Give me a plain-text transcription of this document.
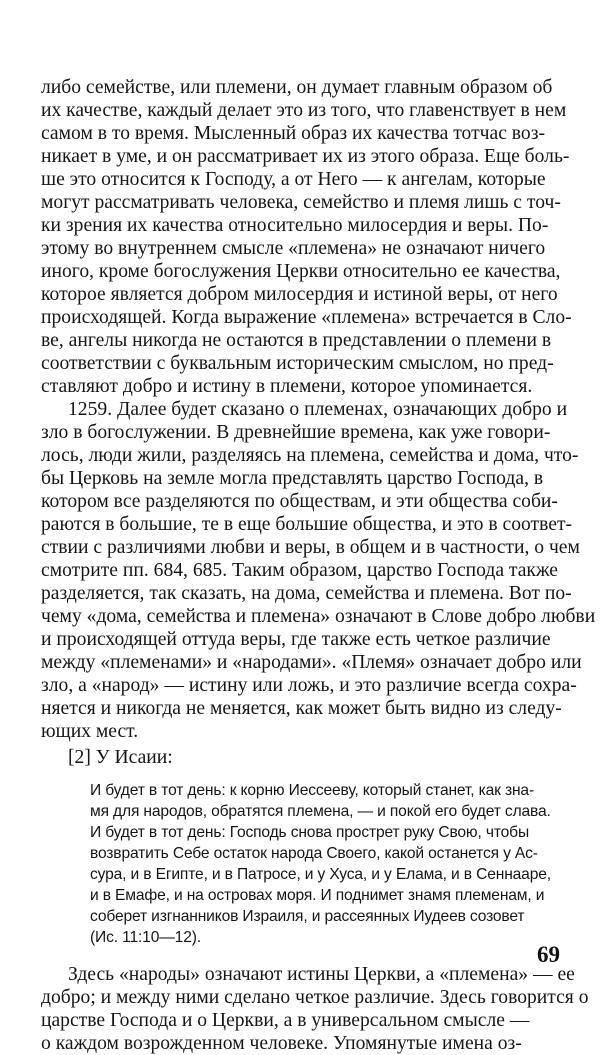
либо семействе, или племени, он думает главным образом об
их качестве, каждый делает это из того, что главенствует в нем
самом в то время. Мысленный образ их качества тотчас воз-
никает в уме, и он рассматривает их из этого образа. Еще боль-
ше это относится к Господу, а от Него — к ангелам, которые
могут рассматривать человека, семейство и племя лишь с точ-
ки зрения их качества относительно милосердия и веры. По-
этому во внутреннем смысле «племена» не означают ничего
иного, кроме богослужения Церкви относительно ее качества,
которое является добром милосердия и истиной веры, от него
происходящей. Когда выражение «племена» встречается в Сло-
ве, ангелы никогда не остаются в представлении о племени в
соответствии с буквальным историческим смыслом, но пред-
ставляют добро и истину в племени, которое упоминается.
1259. Далее будет сказано о племенах, означающих добро и
зло в богослужении. В древнейшие времена, как уже говори-
лось, люди жили, разделяясь на племена, семейства и дома, что-
бы Церковь на земле могла представлять царство Господа, в
котором все разделяются по обществам, и эти общества соби-
раются в большие, те в еще большие общества, и это в соответ-
ствии с различиями любви и веры, в общем и в частности, о чем
смотрите пп. 684, 685. Таким образом, царство Господа также
разделяется, так сказать, на дома, семейства и племена. Вот по-
чему «дома, семейства и племена» означают в Слове добро любви
и происходящей оттуда веры, где также есть четкое различие
между «племенами» и «народами». «Племя» означает добро или
зло, а «народ» — истину или ложь, и это различие всегда сохра-
няется и никогда не меняется, как может быть видно из следу-
ющих мест.
[2] У Исаии:
И будет в тот день: к корню Иессееву, который станет, как зна-
мя для народов, обратятся племена, — и покой его будет слава.
И будет в тот день: Господь снова прострет руку Свою, чтобы
возвратить Себе остаток народа Своего, какой останется у Ас-
сура, и в Египте, и в Патросе, и у Хуса, и у Елама, и в Сеннааре,
и в Емафе, и на островах моря. И поднимет знамя племенам, и
соберет изгнанников Израиля, и рассеянных Иудеев созовет
(Ис. 11:10—12).
Здесь «народы» означают истины Церкви, а «племена» — ее
добро; и между ними сделано четкое различие. Здесь говорится о
царстве Господа и о Церкви, а в универсальном смысле —
о каждом возрожденном человеке. Упомянутые имена оз-
69
